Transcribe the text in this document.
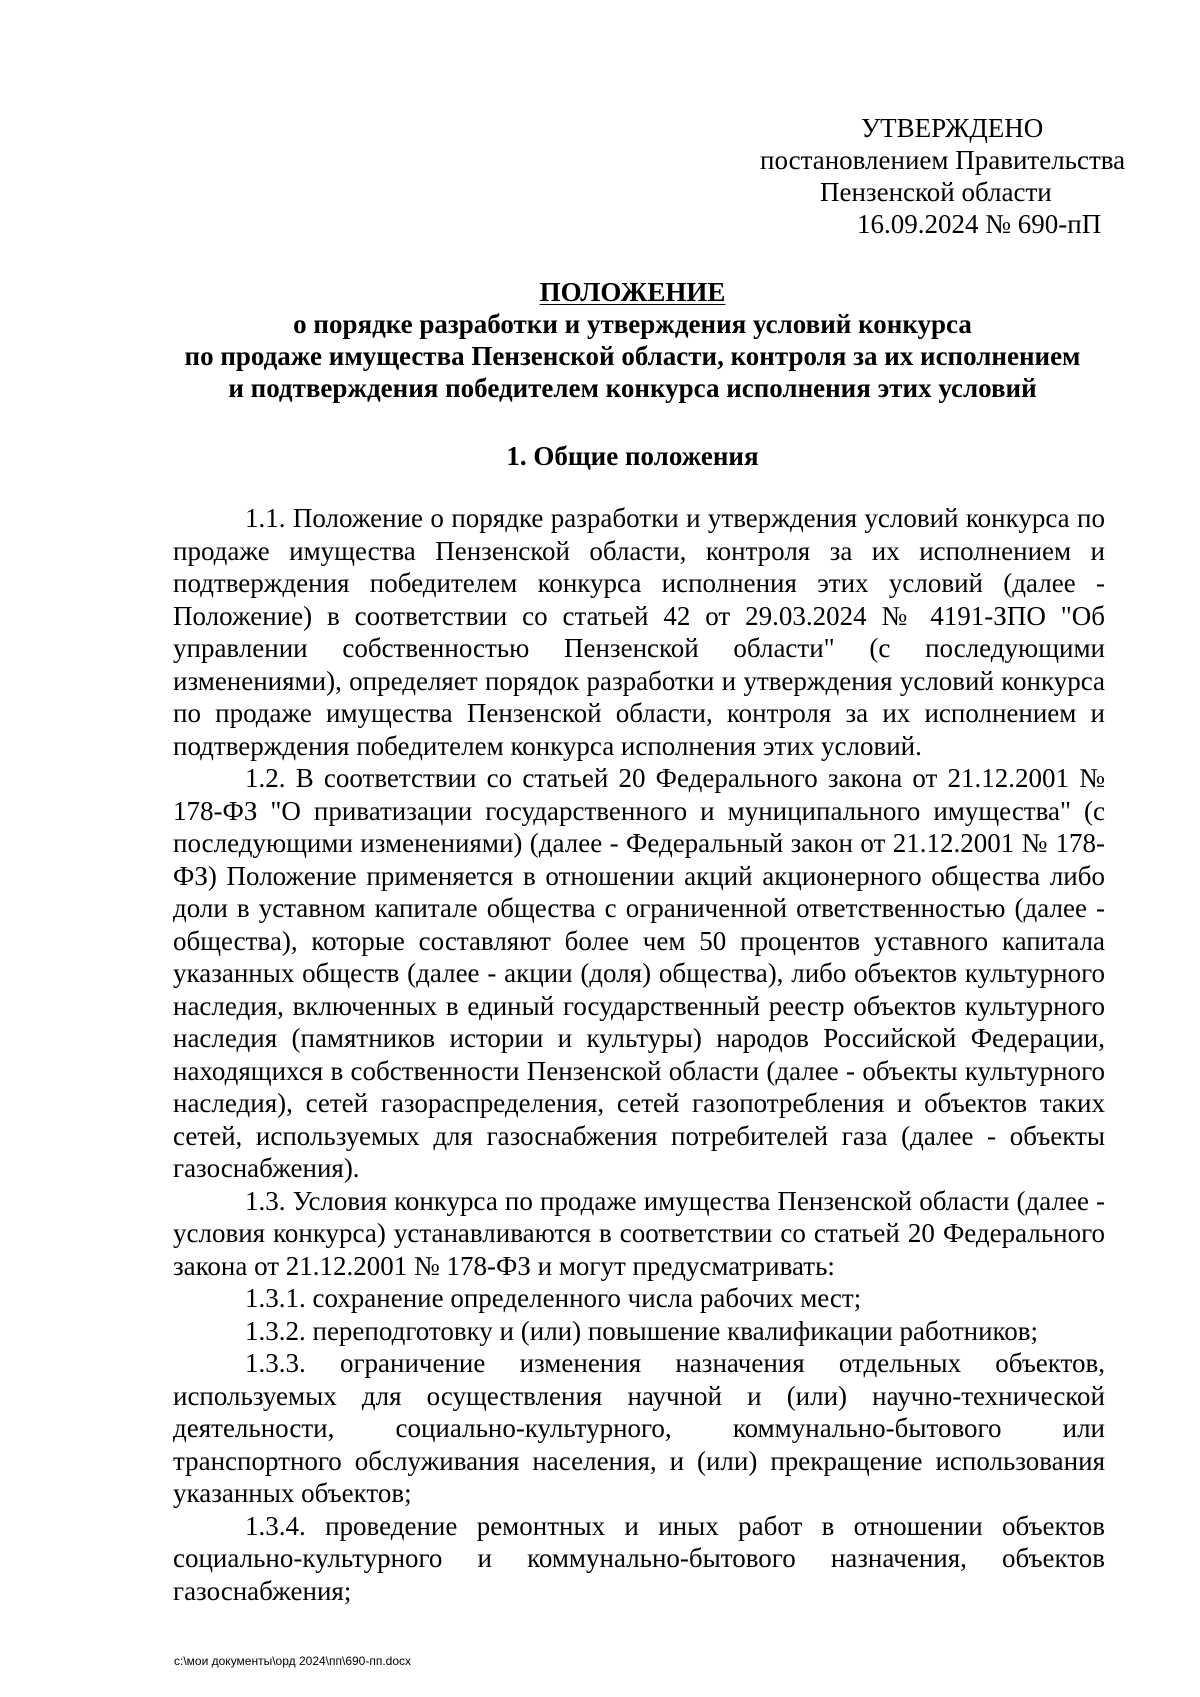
УТВЕРЖДЕНО
постановлением Правительства
Пензенской области
16.09.2024 № 690-пП
ПОЛОЖЕНИЕ
о порядке разработки и утверждения условий конкурса
по продаже имущества Пензенской области, контроля за их исполнением
и подтверждения победителем конкурса исполнения этих условий
1. Общие положения

1.1. Положение о порядке разработки и утверждения условий конкурса по продаже имущества Пензенской области, контроля за их исполнением и подтверждения победителем конкурса исполнения этих условий (далее - Положение) в соответствии со статьей 42 от 29.03.2024 № 4191-ЗПО "Об управлении собственностью Пензенской области" (с последующими изменениями), определяет порядок разработки и утверждения условий конкурса по продаже имущества Пензенской области, контроля за их исполнением и подтверждения победителем конкурса исполнения этих условий.

1.2. В соответствии со статьей 20 Федерального закона от 21.12.2001 № 178-ФЗ "О приватизации государственного и муниципального имущества" (с последующими изменениями) (далее - Федеральный закон от 21.12.2001 № 178-ФЗ) Положение применяется в отношении акций акционерного общества либо доли в уставном капитале общества с ограниченной ответственностью (далее - общества), которые составляют более чем 50 процентов уставного капитала указанных обществ (далее - акции (доля) общества), либо объектов культурного наследия, включенных в единый государственный реестр объектов культурного наследия (памятников истории и культуры) народов Российской Федерации, находящихся в собственности Пензенской области (далее - объекты культурного наследия), сетей газораспределения, сетей газопотребления и объектов таких сетей, используемых для газоснабжения потребителей газа (далее - объекты газоснабжения).

1.3. Условия конкурса по продаже имущества Пензенской области (далее - условия конкурса) устанавливаются в соответствии со статьей 20 Федерального закона от 21.12.2001 № 178-ФЗ и могут предусматривать:

1.3.1. сохранение определенного числа рабочих мест;

1.3.2. переподготовку и (или) повышение квалификации работников;

1.3.3. ограничение изменения назначения отдельных объектов, используемых для осуществления научной и (или) научно-технической деятельности, социально-культурного, коммунально-бытового или транспортного обслуживания населения, и (или) прекращение использования указанных объектов;

1.3.4. проведение ремонтных и иных работ в отношении объектов социально-культурного и коммунально-бытового назначения, объектов газоснабжения;

c:\мои документы\орд 2024\пп\690-пп.docx
